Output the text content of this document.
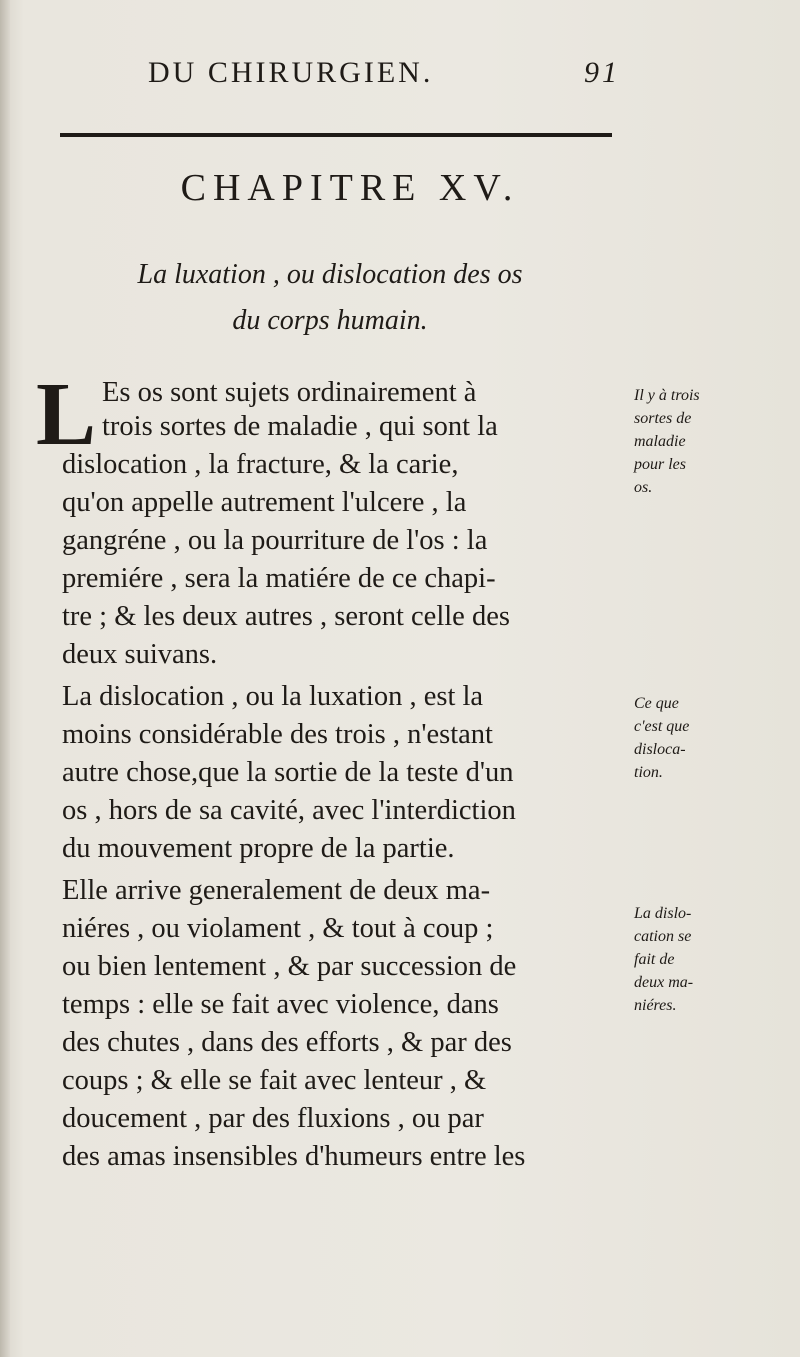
DU CHIRURGIEN.	91
CHAPITRE XV.
La luxation , ou dislocation des os
du corps humain.
L Es os sont sujets ordinairement à
trois sortes de maladie , qui sont la
dislocation , la fracture, & la carie,
qu'on appelle autrement l'ulcere , la
gangréne , ou la pourriture de l'os : la
premiére , sera la matiére de ce chapi-
tre ; & les deux autres , seront celle des
deux suivans.
La dislocation , ou la luxation , est la
moins considérable des trois , n'estant
autre chose,que la sortie de la teste d'un
os , hors de sa cavité, avec l'interdiction
du mouvement propre de la partie.
Elle arrive generalement de deux ma-
niéres , ou violament , & tout à coup ;
ou bien lentement , & par succession de
temps : elle se fait avec violence, dans
des chutes , dans des efforts , & par des
coups ; & elle se fait avec lenteur , &
doucement , par des fluxions , ou par
des amas insensibles d'humeurs entre les
Il y à trois
sortes de
maladie
pour les
os.
Ce que
c'est que
disloca-
tion.
La dislo-
cation se
fait de
deux ma-
niéres.
